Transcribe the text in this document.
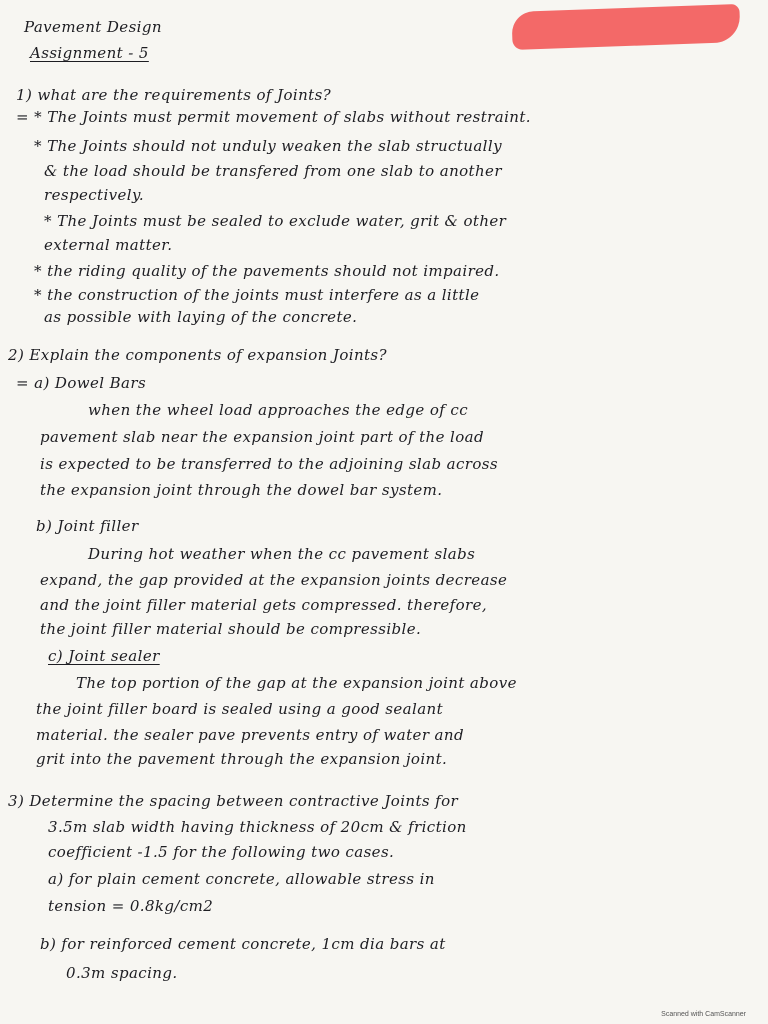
Pavement Design
Assignment - 5
1) what are the requirements of Joints?
= * The Joints must permit movement of slabs without restraint.
* The Joints should not unduly weaken the slab structually
& the load should be transfered from one slab to another
respectively.
* The Joints must be sealed to exclude water, grit & other
external matter.
* the riding quality of the pavements should not impaired.
* the construction of the joints must interfere as a little
as possible with laying of the concrete.
2) Explain the components of expansion Joints?
= a) Dowel Bars
when the wheel load approaches the edge of cc
pavement slab near the expansion joint part of the load
is expected to be transferred to the adjoining slab across
the expansion joint through the dowel bar system.
b) Joint filler
During hot weather when the cc pavement slabs
expand, the gap provided at the expansion joints decrease
and the joint filler material gets compressed. therefore,
the joint filler material should be compressible.
c) Joint sealer
The top portion of the gap at the expansion joint above
the joint filler board is sealed using a good sealant
material. the sealer pave prevents entry of water and
grit into the pavement through the expansion joint.
3) Determine the spacing between contractive Joints for
3.5m slab width having thickness of 20cm & friction
coefficient -1.5 for the following two cases.
a) for plain cement concrete, allowable stress in
tension = 0.8kg/cm2
b) for reinforced cement concrete, 1cm dia bars at
0.3m spacing.
Scanned with CamScanner
